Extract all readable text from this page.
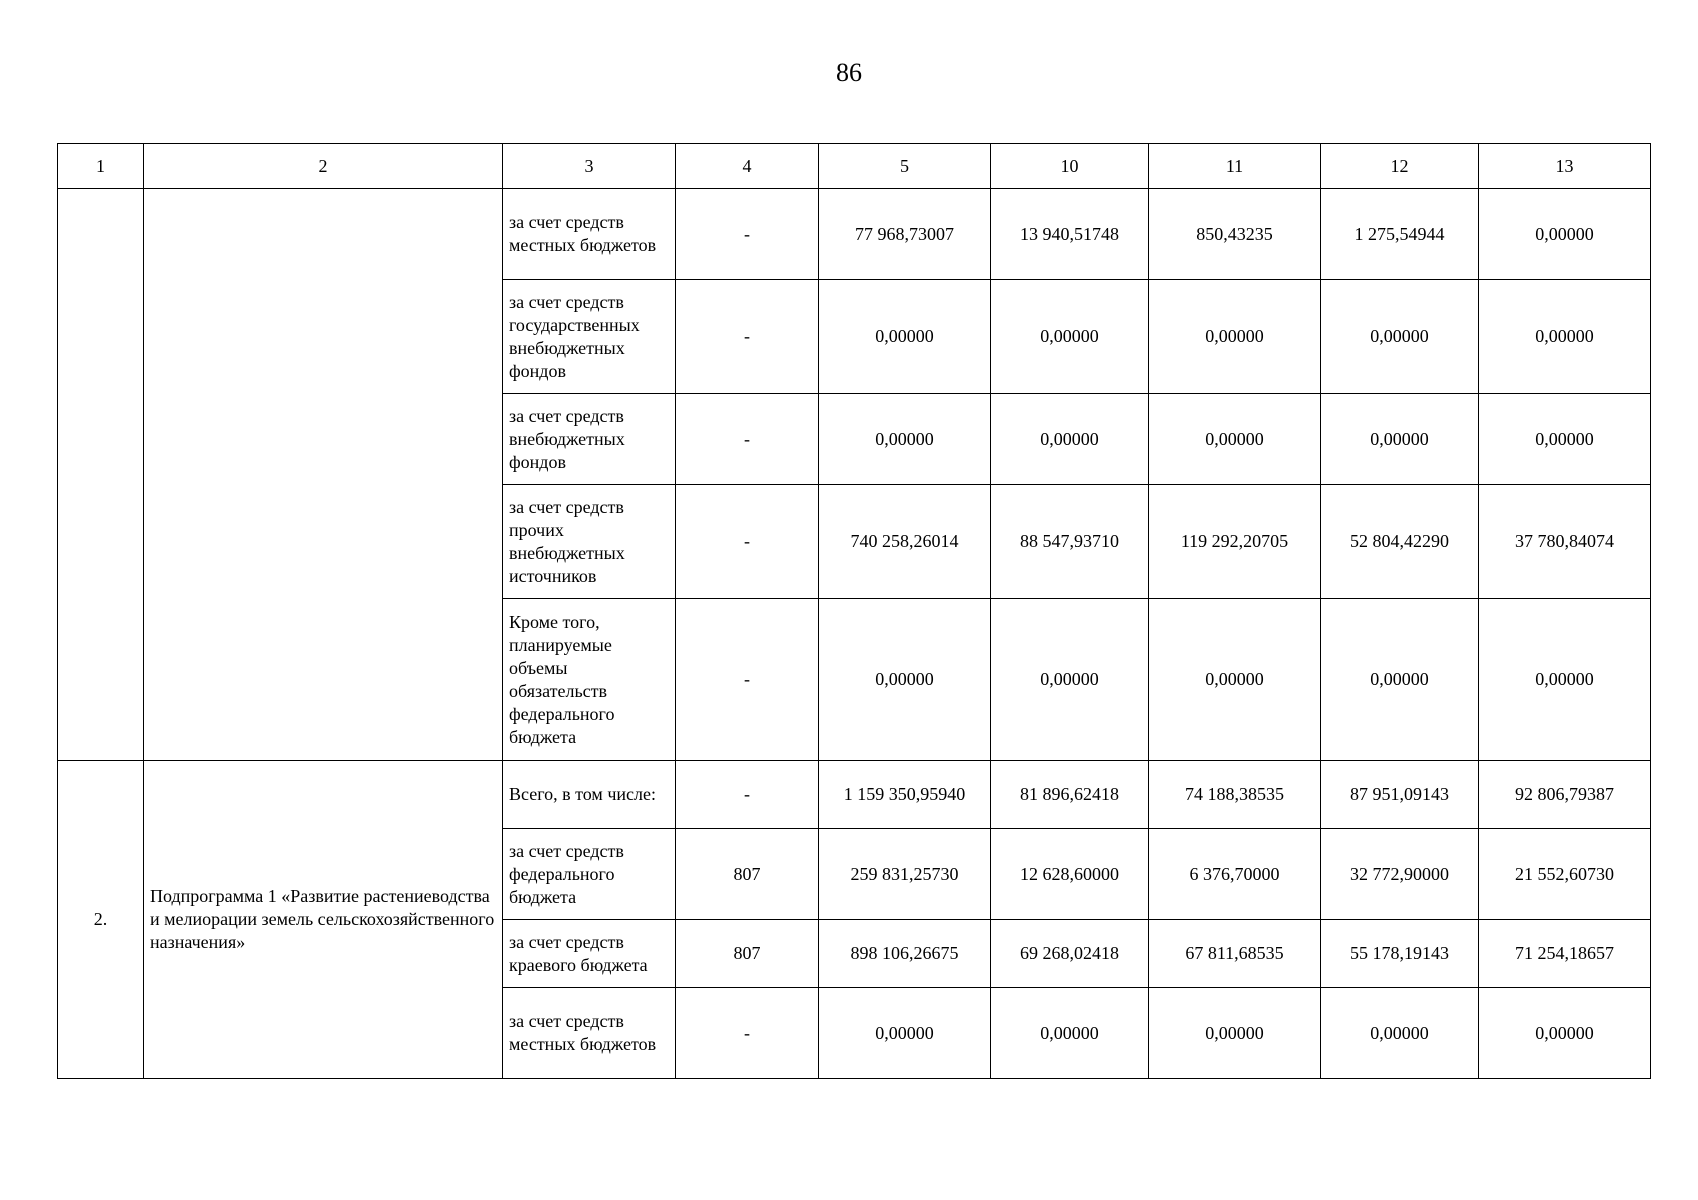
86
1	2	3	4	5	10	11	12	13
		за счет средств местных бюджетов	-	77 968,73007	13 940,51748	850,43235	1 275,54944	0,00000
		за счет средств государственных внебюджетных фондов	-	0,00000	0,00000	0,00000	0,00000	0,00000
		за счет средств внебюджетных фондов	-	0,00000	0,00000	0,00000	0,00000	0,00000
		за счет средств прочих внебюджетных источников	-	740 258,26014	88 547,93710	119 292,20705	52 804,42290	37 780,84074
		Кроме того, планируемые объемы обязательств федерального бюджета	-	0,00000	0,00000	0,00000	0,00000	0,00000
2.	Подпрограмма 1 «Развитие растениеводства и мелиорации земель сельскохозяйственного назначения»	Всего, в том числе:	-	1 159 350,95940	81 896,62418	74 188,38535	87 951,09143	92 806,79387
		за счет средств федерального бюджета	807	259 831,25730	12 628,60000	6 376,70000	32 772,90000	21 552,60730
		за счет средств краевого бюджета	807	898 106,26675	69 268,02418	67 811,68535	55 178,19143	71 254,18657
		за счет средств местных бюджетов	-	0,00000	0,00000	0,00000	0,00000	0,00000
